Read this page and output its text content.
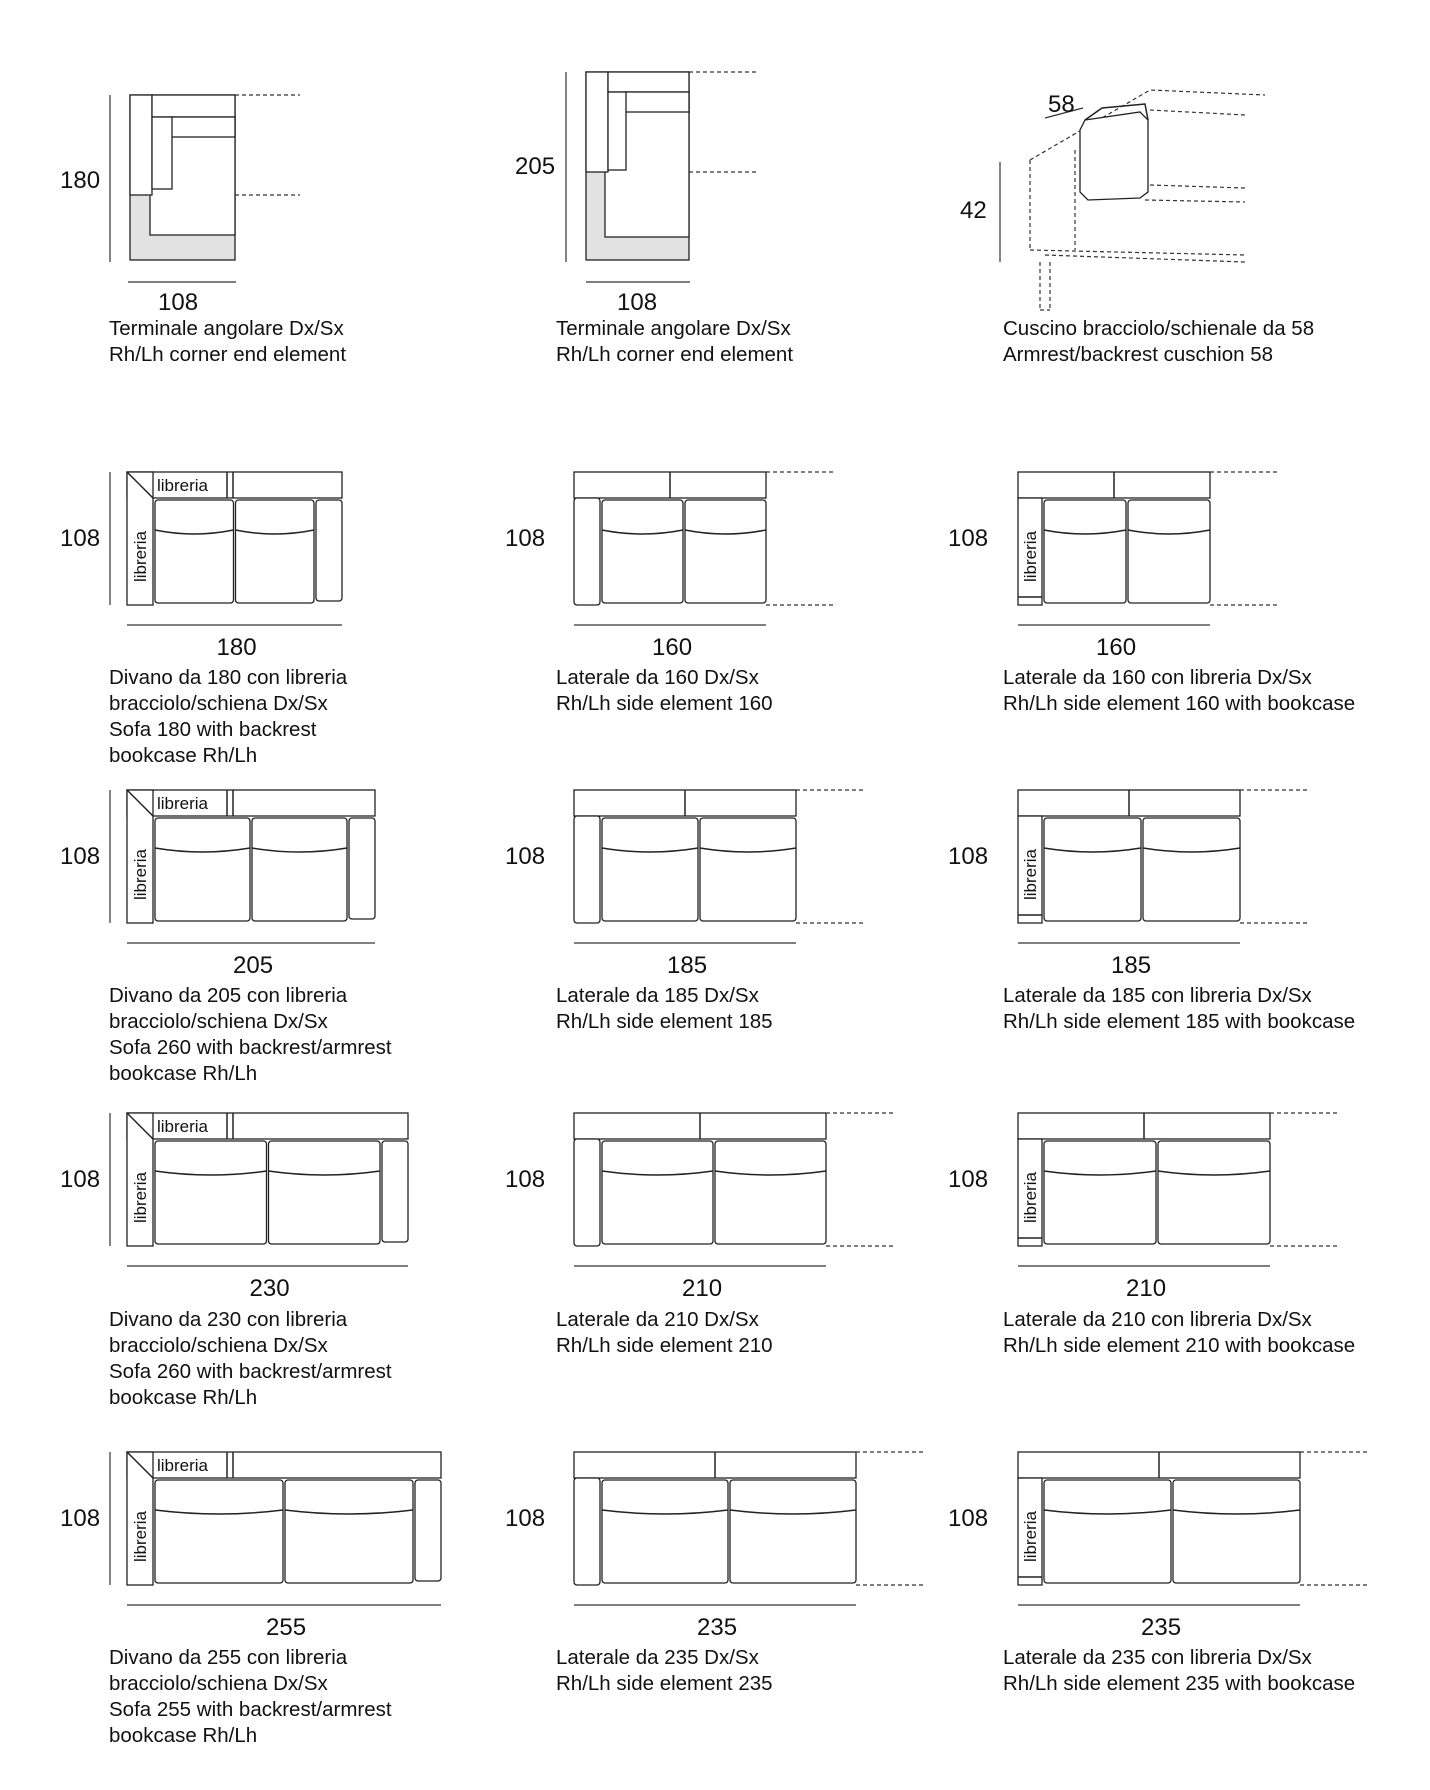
180
108
205
108
42
58
108
libreria
libreria
180
108
libreria
libreria
205
108
libreria
libreria
230
108
libreria
libreria
255
108
160
108
185
108
210
108
235
108 libreria
160
108 libreria
185
108 libreria
210
108 libreria
235
Terminale angolare Dx/Sx
Rh/Lh corner end element
Terminale angolare Dx/Sx
Rh/Lh corner end element
Cuscino bracciolo/schienale da 58
Armrest/backrest cuschion 58
Divano da 180 con libreria
bracciolo/schiena Dx/Sx
Sofa 180 with backrest
bookcase Rh/Lh
Divano da 205 con libreria
bracciolo/schiena Dx/Sx
Sofa 260 with backrest/armrest
bookcase Rh/Lh
Divano da 230 con libreria
bracciolo/schiena Dx/Sx
Sofa 260 with backrest/armrest
bookcase Rh/Lh
Divano da 255 con libreria
bracciolo/schiena Dx/Sx
Sofa 255 with backrest/armrest
bookcase Rh/Lh
Laterale da 160 Dx/Sx
Rh/Lh side element 160
Laterale da 185 Dx/Sx
Rh/Lh side element 185
Laterale da 210 Dx/Sx
Rh/Lh side element 210
Laterale da 235 Dx/Sx
Rh/Lh side element 235
Laterale da 160 con libreria Dx/Sx
Rh/Lh side element 160 with bookcase
Laterale da 185 con libreria Dx/Sx
Rh/Lh side element 185 with bookcase
Laterale da 210 con libreria Dx/Sx
Rh/Lh side element 210 with bookcase
Laterale da 235 con libreria Dx/Sx
Rh/Lh side element 235 with bookcase
